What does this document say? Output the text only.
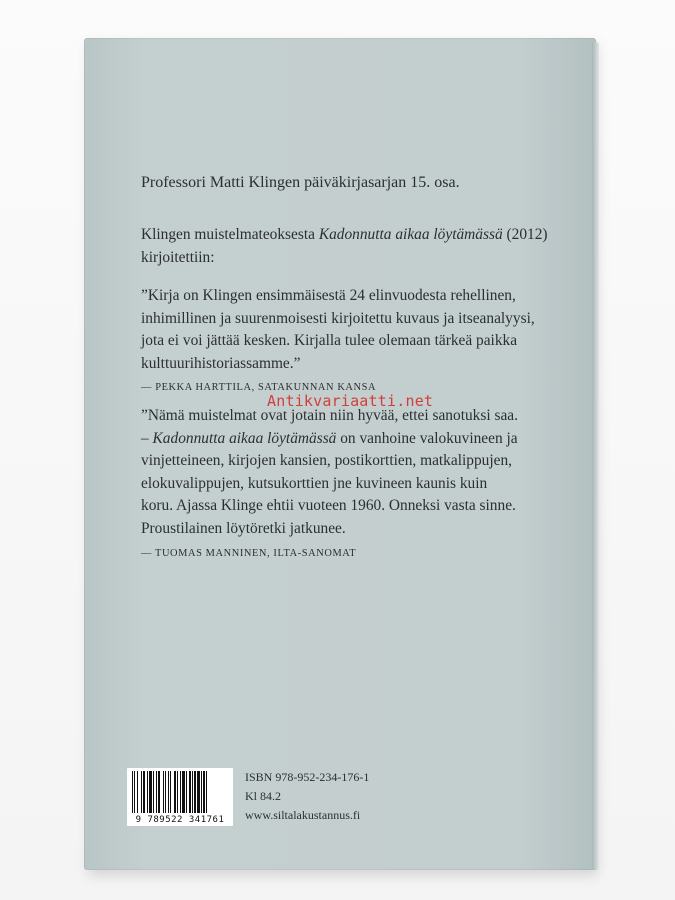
Professori Matti Klingen päiväkirjasarjan 15. osa.
Klingen muistelmateoksesta Kadonnutta aikaa löytämässä (2012)
kirjoitettiin:
”Kirja on Klingen ensimmäisestä 24 elinvuodesta rehellinen,
inhimillinen ja suurenmoisesti kirjoitettu kuvaus ja itseanalyysi,
jota ei voi jättää kesken. Kirjalla tulee olemaan tärkeä paikka
kulttuurihistoriassamme.”
— PEKKA HARTTILA, SATAKUNNAN KANSA
”Nämä muistelmat ovat jotain niin hyvää, ettei sanotuksi saa.
– Kadonnutta aikaa löytämässä on vanhoine valokuvineen ja
vinjetteineen, kirjojen kansien, postikorttien, matkalippujen,
elokuvalippujen, kutsukorttien jne kuvineen kaunis kuin
koru. Ajassa Klinge ehtii vuoteen 1960. Onneksi vasta sinne.
Proustilainen löytöretki jatkunee.
— TUOMAS MANNINEN, ILTA-SANOMAT
Antikvariaatti.net
9 789522 341761
ISBN 978-952-234-176-1
Kl 84.2
www.siltalakustannus.fi
